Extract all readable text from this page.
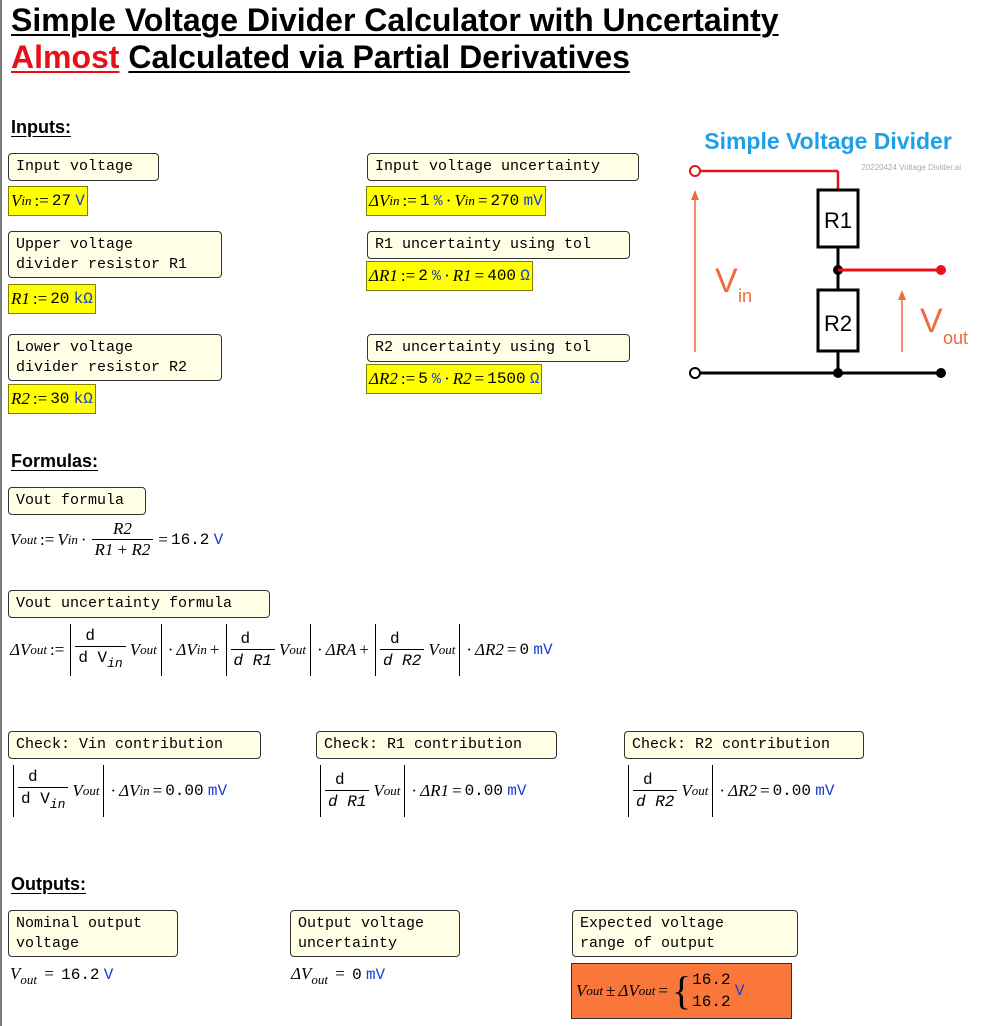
Simple Voltage Divider Calculator with Uncertainty
Almost Calculated via Partial Derivatives
Inputs:
Input voltage
V in := 27
V
Upper voltage
divider resistor R1
R1 := 20
kΩ
Lower voltage
divider resistor R2
R2 := 30
kΩ
Input voltage uncertainty
ΔV in := 1
% · V in = 270
mV
R1 uncertainty using tol
ΔR1 := 2
% · R1 = 400
Ω
R2 uncertainty using tol
ΔR2 := 5
% · R2 = 1500
Ω
Simple Voltage Divider
20220424 Voltage Divider.ai
R1
R2
V in
V out
Formulas:
Vout formula
V out := V in · $\frac{R2}{R1 + R2} = 16.2$
V
Vout uncertainty formula
ΔV out :=
d
d $V_{in}$
V out · ΔV in +
d
d R1
V out · ΔRA +
d
d R2
V out · ΔR2 = 0
mV
Check: Vin contribution
d
d $V_{in}$
V out · ΔV in = 0.00
mV
Check: R1 contribution
d
d R1
V out · ΔR1 = 0.00
mV
Check: R2 contribution
d
d R2
V out · ΔR2 = 0.00
mV
Outputs:
Nominal output
voltage
$V_{out} = 16.2$ V
Output voltage
uncertainty
$\Delta V_{out} = 0$ mV
Expected voltage
range of output
V out ± ΔV out = { 16.2
16.2

V
